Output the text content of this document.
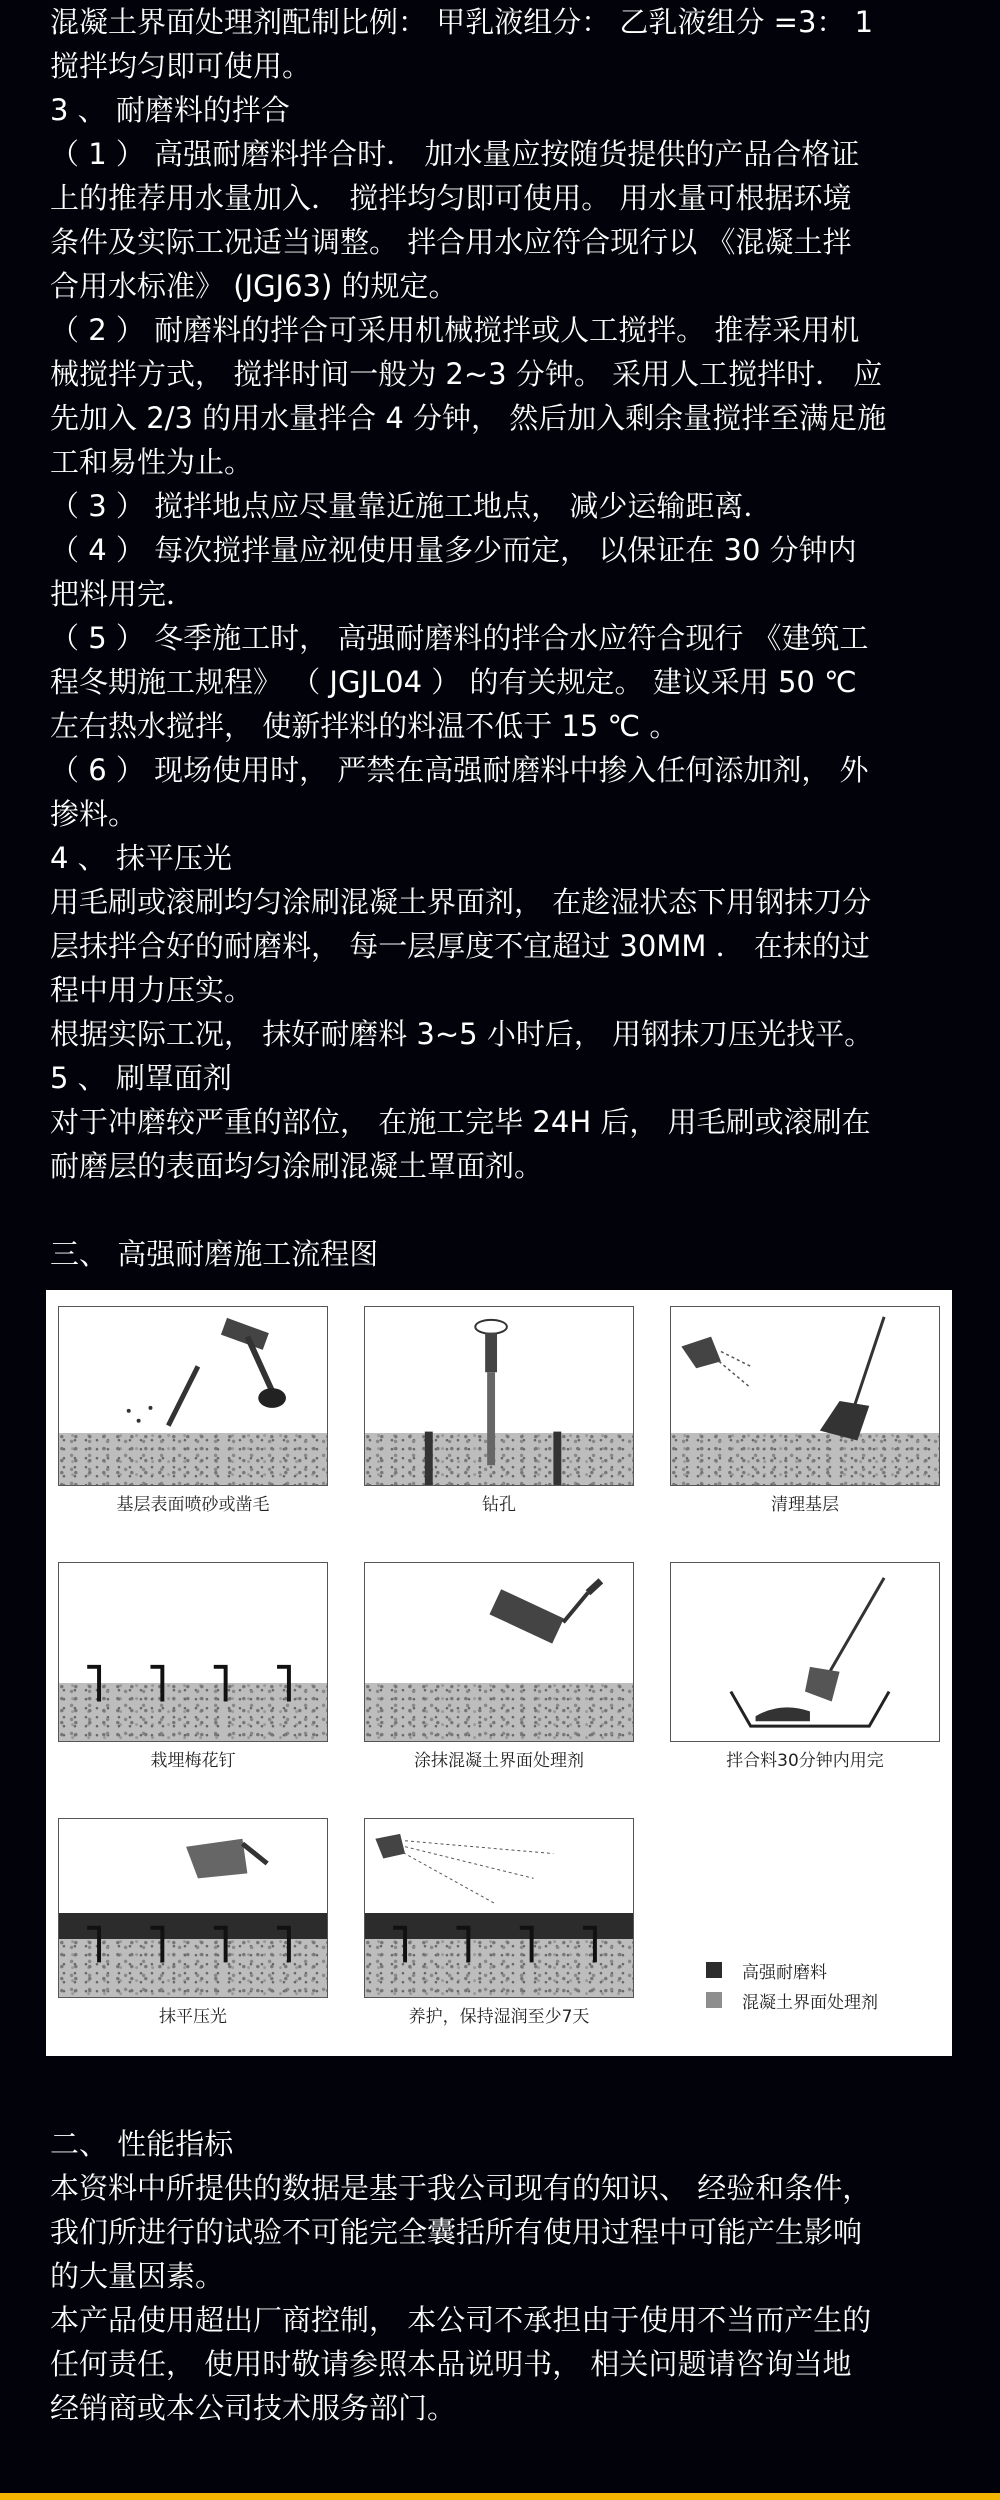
混凝土界面处理剂配制比例： 甲乳液组分： 乙乳液组分 =3： 1
搅拌均匀即可使用。
3 、 耐磨料的拌合
（ 1 ） 高强耐磨料拌合时． 加水量应按随货提供的产品合格证
上的推荐用水量加入． 搅拌均匀即可使用。 用水量可根据环境
条件及实际工况适当调整。 拌合用水应符合现行以 《混凝土拌
合用水标准》 (JGJ63) 的规定。
（ 2 ） 耐磨料的拌合可采用机械搅拌或人工搅拌。 推荐采用机
械搅拌方式， 搅拌时间一般为 2~3 分钟。 采用人工搅拌时． 应
先加入 2/3 的用水量拌合 4 分钟， 然后加入剩余量搅拌至满足施
工和易性为止。
（ 3 ） 搅拌地点应尽量靠近施工地点， 减少运输距离．
（ 4 ） 每次搅拌量应视使用量多少而定， 以保证在 30 分钟内
把料用完．
（ 5 ） 冬季施工时， 高强耐磨料的拌合水应符合现行 《建筑工
程冬期施工规程》 （ JGJL04 ） 的有关规定。 建议采用 50 ℃
左右热水搅拌， 使新拌料的料温不低于 15 ℃ 。
（ 6 ） 现场使用时， 严禁在高强耐磨料中掺入任何添加剂， 外
掺料。
4 、 抹平压光
用毛刷或滚刷均匀涂刷混凝土界面剂， 在趁湿状态下用钢抹刀分
层抹拌合好的耐磨料， 每一层厚度不宜超过 30MM ． 在抹的过
程中用力压实。
根据实际工况， 抹好耐磨料 3~5 小时后， 用钢抹刀压光找平。
5 、 刷罩面剂
对于冲磨较严重的部位， 在施工完毕 24H 后， 用毛刷或滚刷在
耐磨层的表面均匀涂刷混凝土罩面剂。
三、 高强耐磨施工流程图
二、 性能指标
本资料中所提供的数据是基于我公司现有的知识、 经验和条件，
我们所进行的试验不可能完全囊括所有使用过程中可能产生影响
的大量因素。
本产品使用超出厂商控制， 本公司不承担由于使用不当而产生的
任何责任， 使用时敬请参照本品说明书， 相关问题请咨询当地
经销商或本公司技术服务部门。
基层表面喷砂或凿毛	钻孔	清理基层
栽埋梅花钉	涂抹混凝土界面处理剂	拌合料30分钟内用完
抹平压光	养护，保持湿润至少7天
高强耐磨料
混凝土界面处理剂
